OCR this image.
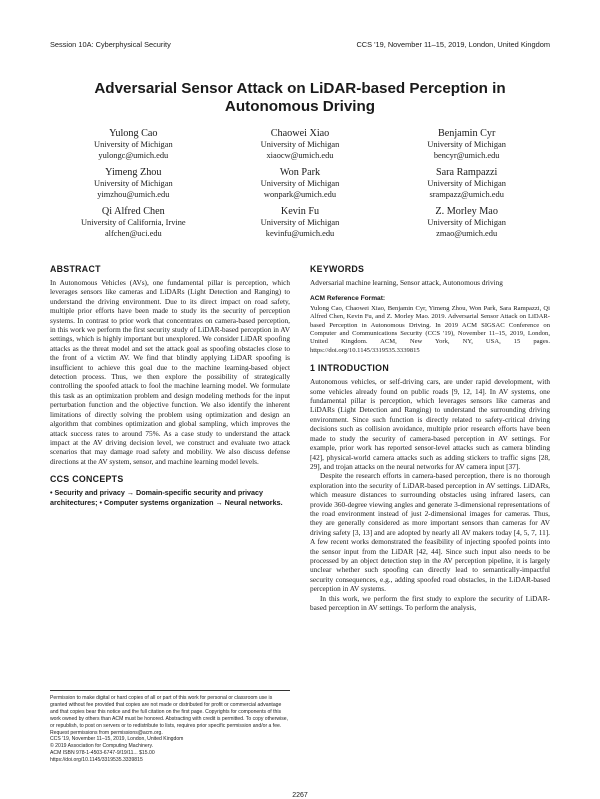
Session 10A: Cyberphysical Security	CCS '19, November 11–15, 2019, London, United Kingdom
Adversarial Sensor Attack on LiDAR-based Perception in Autonomous Driving
Yulong Cao
University of Michigan
yulongc@umich.edu
Chaowei Xiao
University of Michigan
xiaocw@umich.edu
Benjamin Cyr
University of Michigan
bencyr@umich.edu
Yimeng Zhou
University of Michigan
yimzhou@umich.edu
Won Park
University of Michigan
wonpark@umich.edu
Sara Rampazzi
University of Michigan
srampazz@umich.edu
Qi Alfred Chen
University of California, Irvine
alfchen@uci.edu
Kevin Fu
University of Michigan
kevinfu@umich.edu
Z. Morley Mao
University of Michigan
zmao@umich.edu
ABSTRACT

In Autonomous Vehicles (AVs), one fundamental pillar is perception, which leverages sensors like cameras and LiDARs (Light Detection and Ranging) to understand the driving environment. Due to its direct impact on road safety, multiple prior efforts have been made to study its the security of perception systems. In contrast to prior work that concentrates on camera-based perception, in this work we perform the first security study of LiDAR-based perception in AV settings, which is highly important but unexplored. We consider LiDAR spoofing attacks as the threat model and set the attack goal as spoofing obstacles close to the front of a victim AV. We find that blindly applying LiDAR spoofing is insufficient to achieve this goal due to the machine learning-based object detection process. Thus, we then explore the possibility of strategically controlling the spoofed attack to fool the machine learning model. We formulate this task as an optimization problem and design modeling methods for the input perturbation function and the objective function. We also identify the inherent limitations of directly solving the problem using optimization and design an algorithm that combines optimization and global sampling, which improves the attack success rates to around 75%. As a case study to understand the attack impact at the AV driving decision level, we construct and evaluate two attack scenarios that may damage road safety and mobility. We also discuss defense directions at the AV system, sensor, and machine learning model levels.

CCS CONCEPTS
• Security and privacy → Domain-specific security and privacy architectures; • Computer systems organization → Neural networks.

Permission to make digital or hard copies of all or part of this work for personal or classroom use is granted without fee provided that copies are not made or distributed for profit or commercial advantage and that copies bear this notice and the full citation on the first page. Copyrights for components of this work owned by others than ACM must be honored. Abstracting with credit is permitted. To copy otherwise, or republish, to post on servers or to redistribute to lists, requires prior specific permission and/or a fee. Request permissions from permissions@acm.org.

CCS '19, November 11–15, 2019, London, United Kingdom

© 2019 Association for Computing Machinery.

ACM ISBN 978-1-4503-6747-9/19/11... $15.00

https://doi.org/10.1145/3319535.3339815

KEYWORDS

Adversarial machine learning, Sensor attack, Autonomous driving

ACM Reference Format:

Yulong Cao, Chaowei Xiao, Benjamin Cyr, Yimeng Zhou, Won Park, Sara Rampazzi, Qi Alfred Chen, Kevin Fu, and Z. Morley Mao. 2019. Adversarial Sensor Attack on LiDAR-based Perception in Autonomous Driving. In 2019 ACM SIGSAC Conference on Computer and Communications Security (CCS '19), November 11–15, 2019, London, United Kingdom. ACM, New York, NY, USA, 15 pages. https://doi.org/10.1145/3319535.3339815

1 INTRODUCTION

Autonomous vehicles, or self-driving cars, are under rapid development, with some vehicles already found on public roads [9, 12, 14]. In AV systems, one fundamental pillar is perception, which leverages sensors like cameras and LiDARs (Light Detection and Ranging) to understand the surrounding driving environment. Since such function is directly related to safety-critical driving decisions such as collision avoidance, multiple prior research efforts have been made to study the security of camera-based perception in AV settings. For example, prior work has reported sensor-level attacks such as camera blinding [42], physical-world camera attacks such as adding stickers to traffic signs [28, 29], and trojan attacks on the neural networks for AV camera input [37].

Despite the research efforts in camera-based perception, there is no thorough exploration into the security of LiDAR-based perception in AV settings. LiDARs, which measure distances to surrounding obstacles using infrared lasers, can provide 360-degree viewing angles and generate 3-dimensional representations of the road environment instead of just 2-dimensional images for cameras. Thus, they are generally considered as more important sensors than cameras for AV driving safety [3, 13] and are adopted by nearly all AV makers today [4, 5, 7, 11]. A few recent works demonstrated the feasibility of injecting spoofed points into the sensor input from the LiDAR [42, 44]. Since such input also needs to be processed by an object detection step in the AV perception pipeline, it is largely unclear whether such spoofing can directly lead to semantically-impactful security consequences, e.g., adding spoofed road obstacles, in the LiDAR-based perception in AV systems.

In this work, we perform the first study to explore the security of LiDAR-based perception in AV settings. To perform the analysis,

2267
